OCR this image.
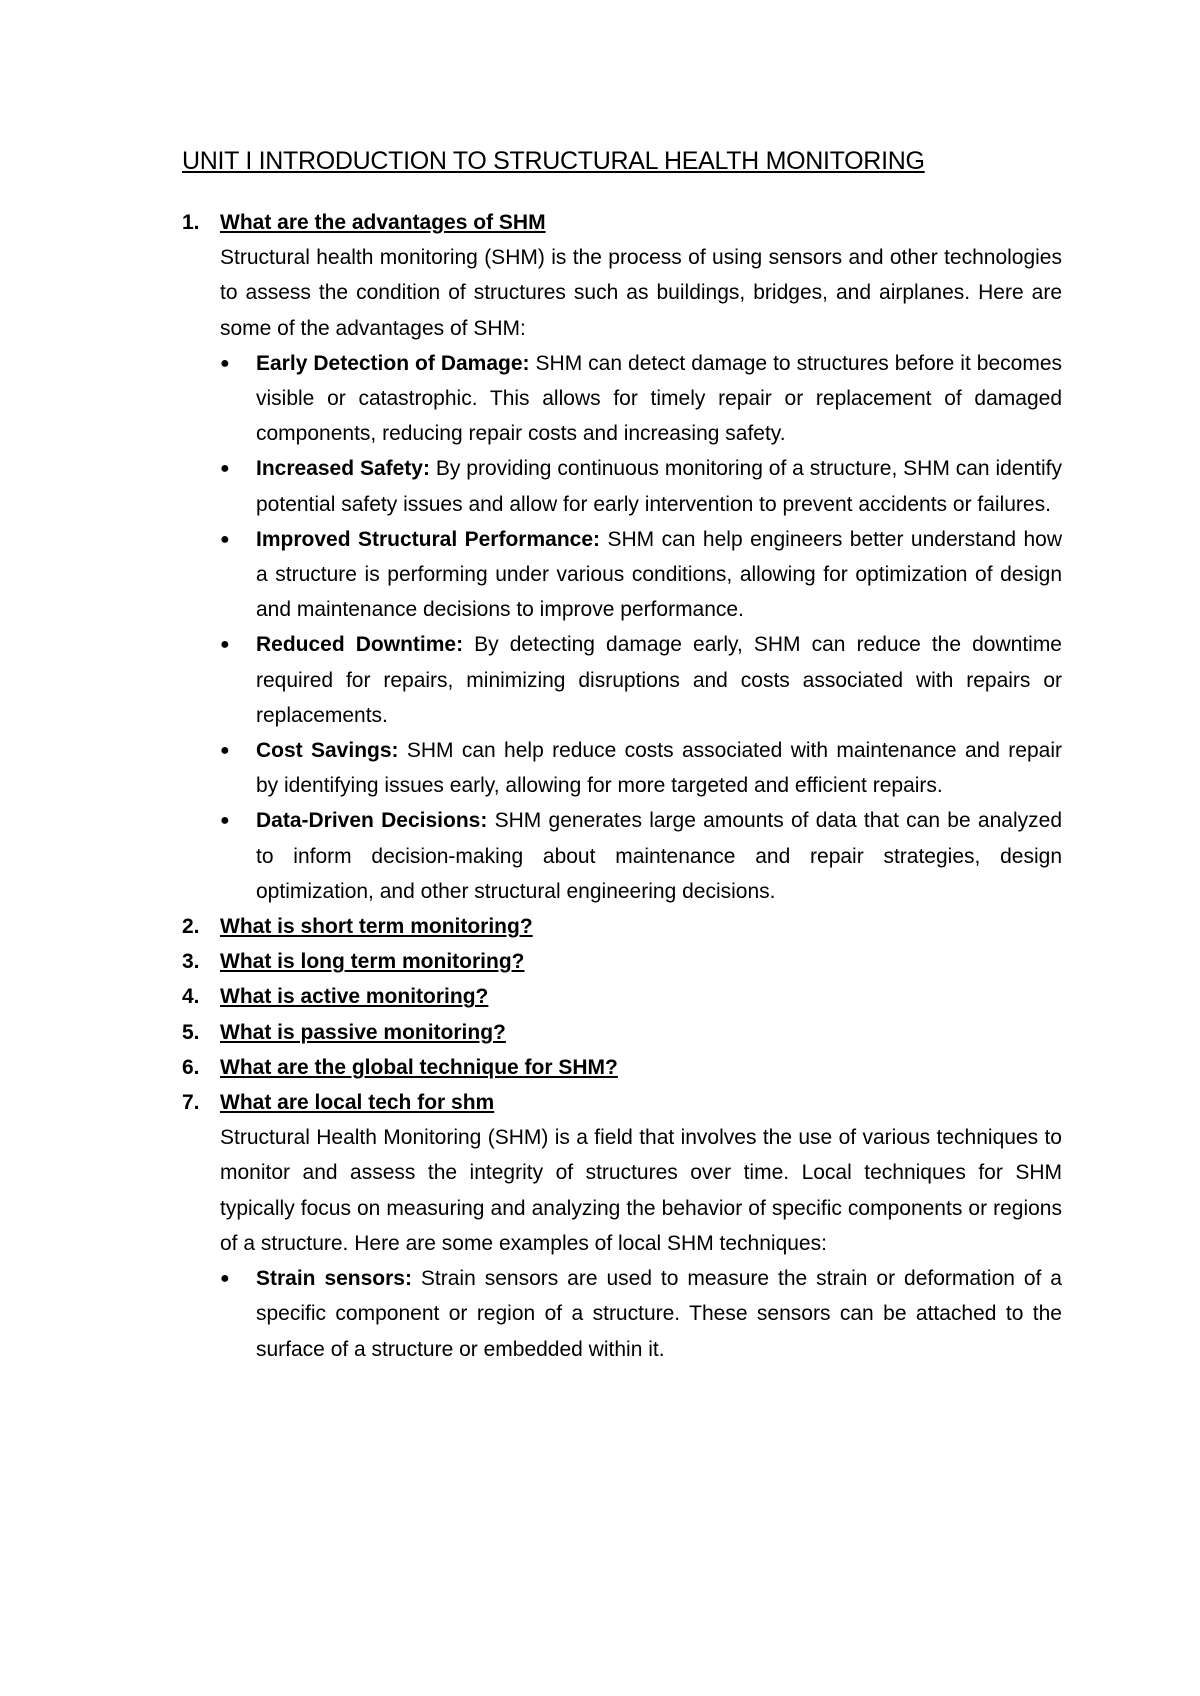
UNIT I INTRODUCTION TO STRUCTURAL HEALTH MONITORING
1. What are the advantages of SHM
Structural health monitoring (SHM) is the process of using sensors and other technologies to assess the condition of structures such as buildings, bridges, and airplanes. Here are some of the advantages of SHM:
● Early Detection of Damage: SHM can detect damage to structures before it becomes visible or catastrophic. This allows for timely repair or replacement of damaged components, reducing repair costs and increasing safety.
● Increased Safety: By providing continuous monitoring of a structure, SHM can identify potential safety issues and allow for early intervention to prevent accidents or failures.
● Improved Structural Performance: SHM can help engineers better understand how a structure is performing under various conditions, allowing for optimization of design and maintenance decisions to improve performance.
● Reduced Downtime: By detecting damage early, SHM can reduce the downtime required for repairs, minimizing disruptions and costs associated with repairs or replacements.
● Cost Savings: SHM can help reduce costs associated with maintenance and repair by identifying issues early, allowing for more targeted and efficient repairs.
● Data-Driven Decisions: SHM generates large amounts of data that can be analyzed to inform decision-making about maintenance and repair strategies, design optimization, and other structural engineering decisions.
2. What is short term monitoring?
3. What is long term monitoring?
4. What is active monitoring?
5. What is passive monitoring?
6. What are the global technique for SHM?
7. What are local tech for shm
Structural Health Monitoring (SHM) is a field that involves the use of various techniques to monitor and assess the integrity of structures over time. Local techniques for SHM typically focus on measuring and analyzing the behavior of specific components or regions of a structure. Here are some examples of local SHM techniques:
● Strain sensors: Strain sensors are used to measure the strain or deformation of a specific component or region of a structure. These sensors can be attached to the surface of a structure or embedded within it.
